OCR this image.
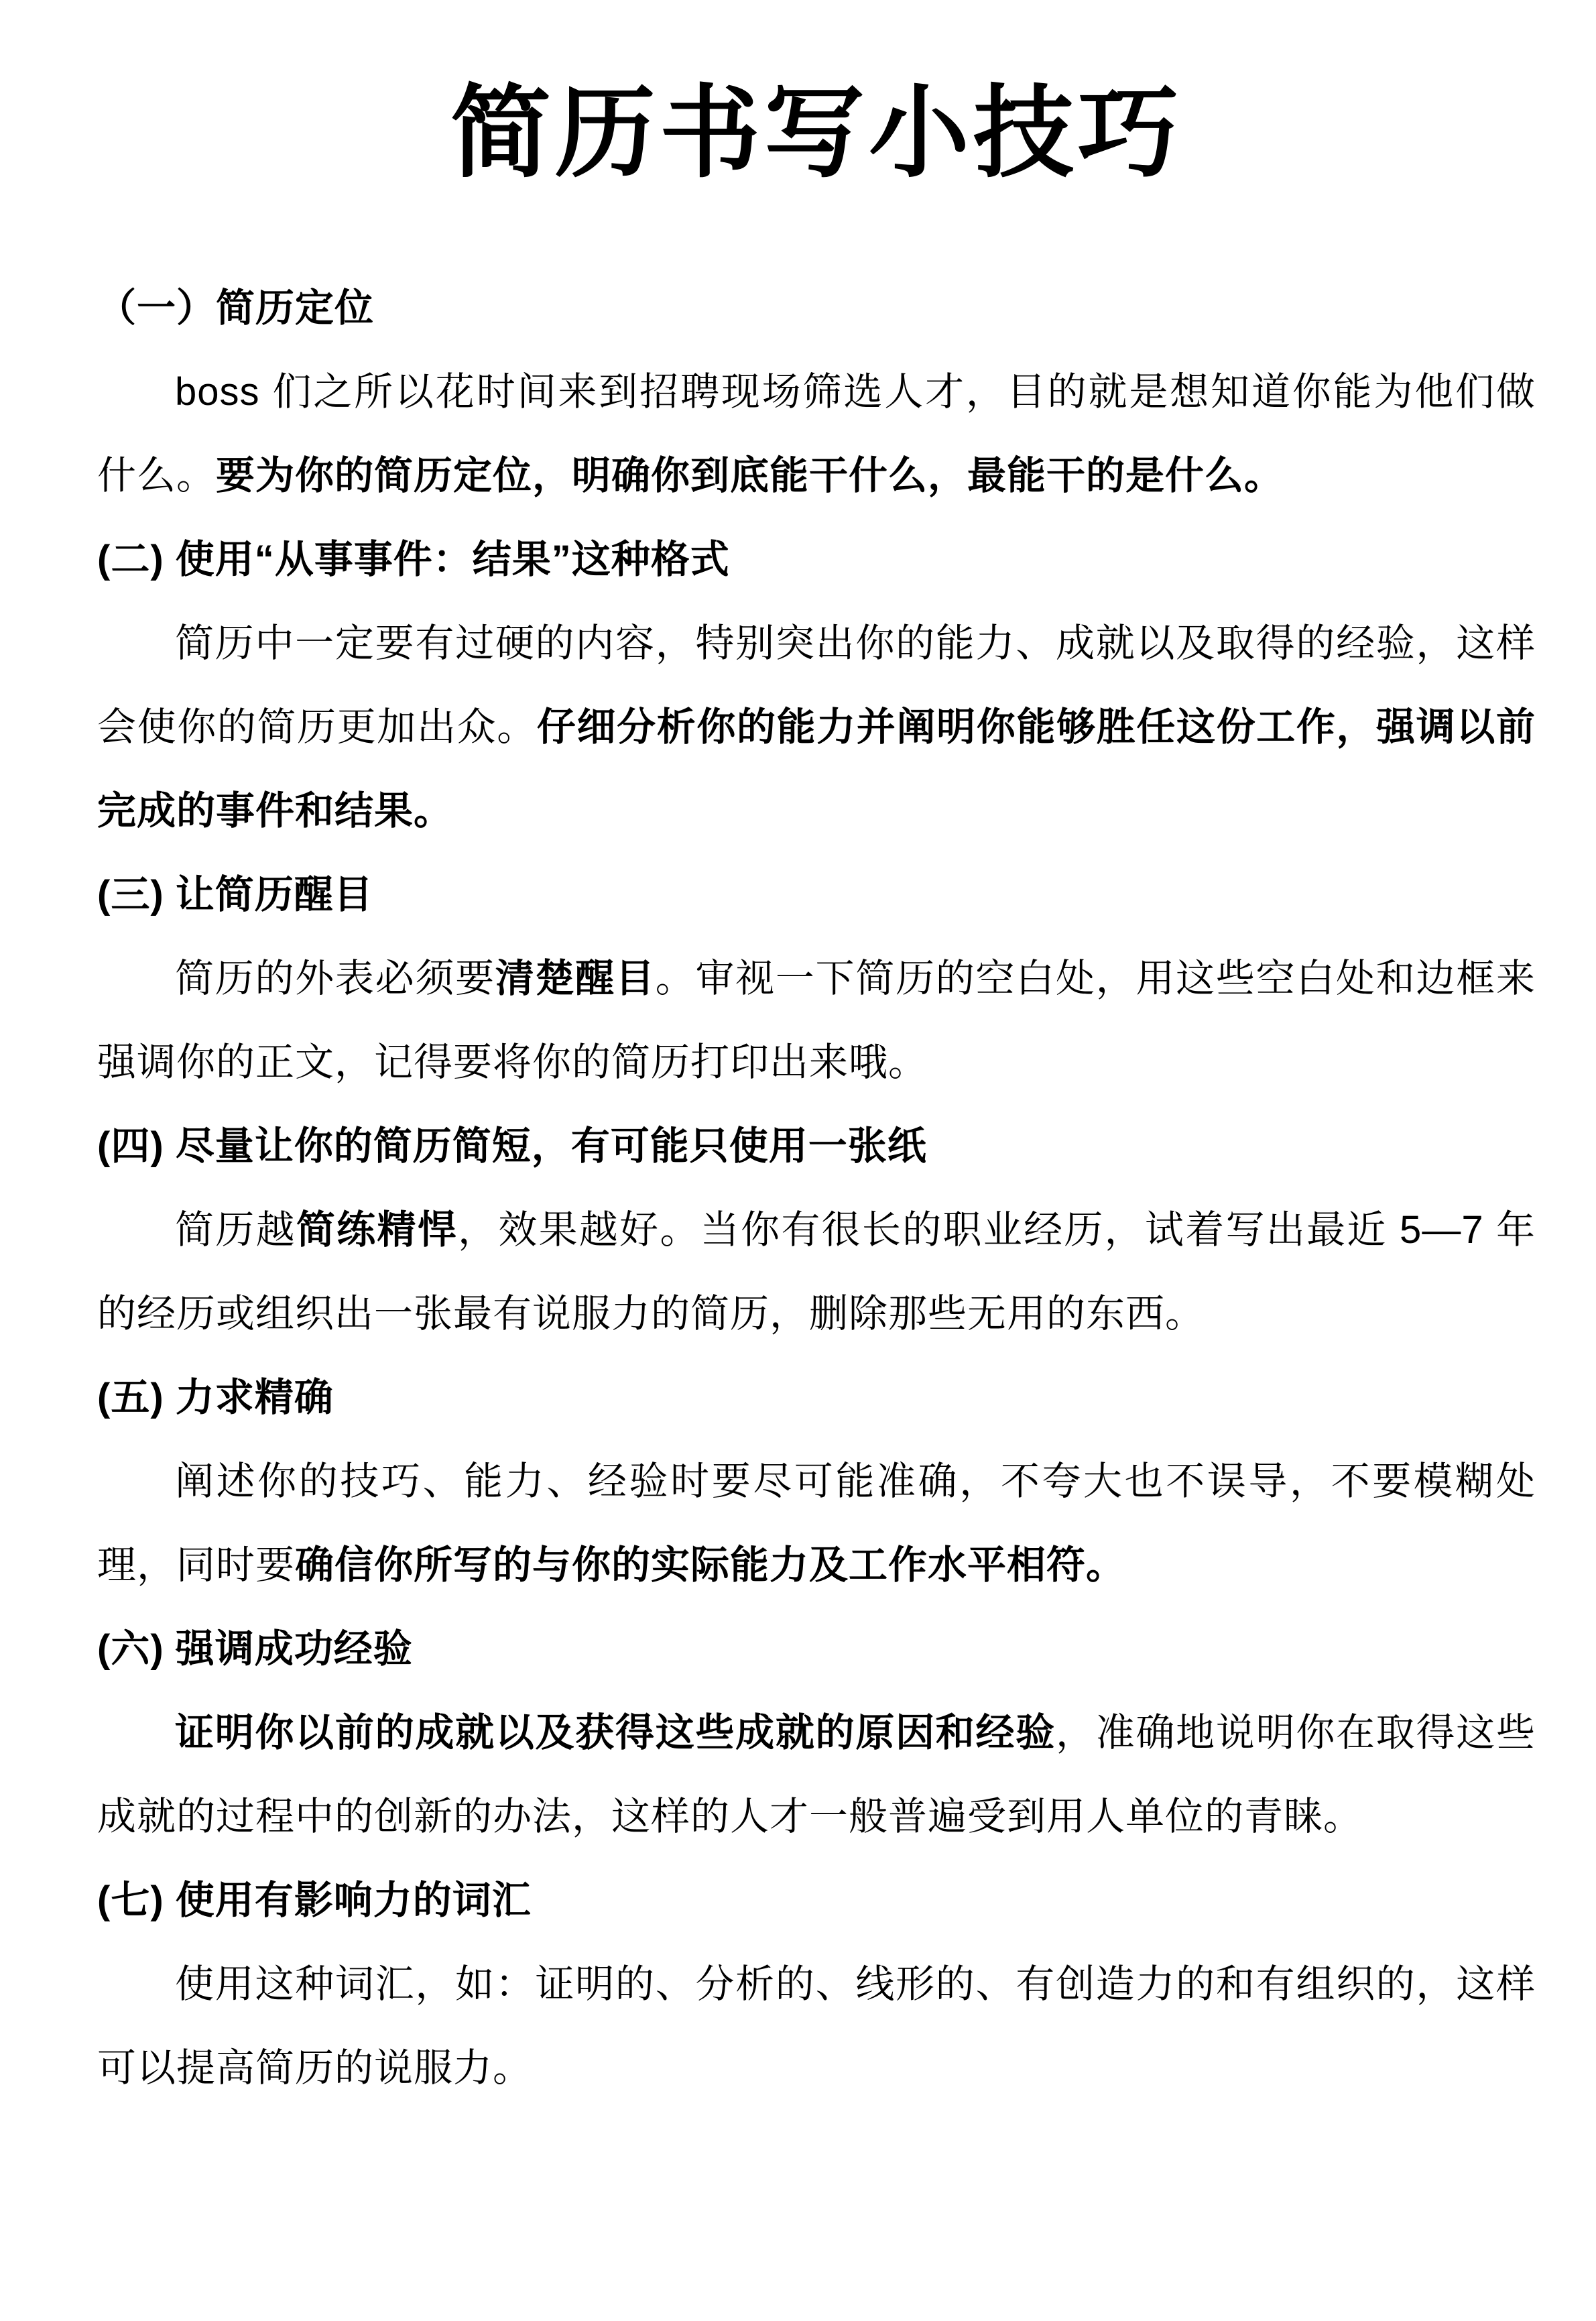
简历书写小技巧
（一）简历定位

boss 们之所以花时间来到招聘现场筛选人才，目的就是想知道你能为他们做什么。要为你的简历定位，明确你到底能干什么，最能干的是什么。

(二) 使用“从事事件：结果”这种格式

简历中一定要有过硬的内容，特别突出你的能力、成就以及取得的经验，这样会使你的简历更加出众。仔细分析你的能力并阐明你能够胜任这份工作，强调以前完成的事件和结果。

(三) 让简历醒目

简历的外表必须要清楚醒目。审视一下简历的空白处，用这些空白处和边框来强调你的正文，记得要将你的简历打印出来哦。

(四) 尽量让你的简历简短，有可能只使用一张纸

简历越简练精悍，效果越好。当你有很长的职业经历，试着写出最近 5—7 年的经历或组织出一张最有说服力的简历，删除那些无用的东西。

(五) 力求精确

阐述你的技巧、能力、经验时要尽可能准确，不夸大也不误导，不要模糊处理，同时要确信你所写的与你的实际能力及工作水平相符。

(六) 强调成功经验

证明你以前的成就以及获得这些成就的原因和经验，准确地说明你在取得这些成就的过程中的创新的办法，这样的人才一般普遍受到用人单位的青睐。

(七) 使用有影响力的词汇

使用这种词汇，如：证明的、分析的、线形的、有创造力的和有组织的，这样可以提高简历的说服力。
